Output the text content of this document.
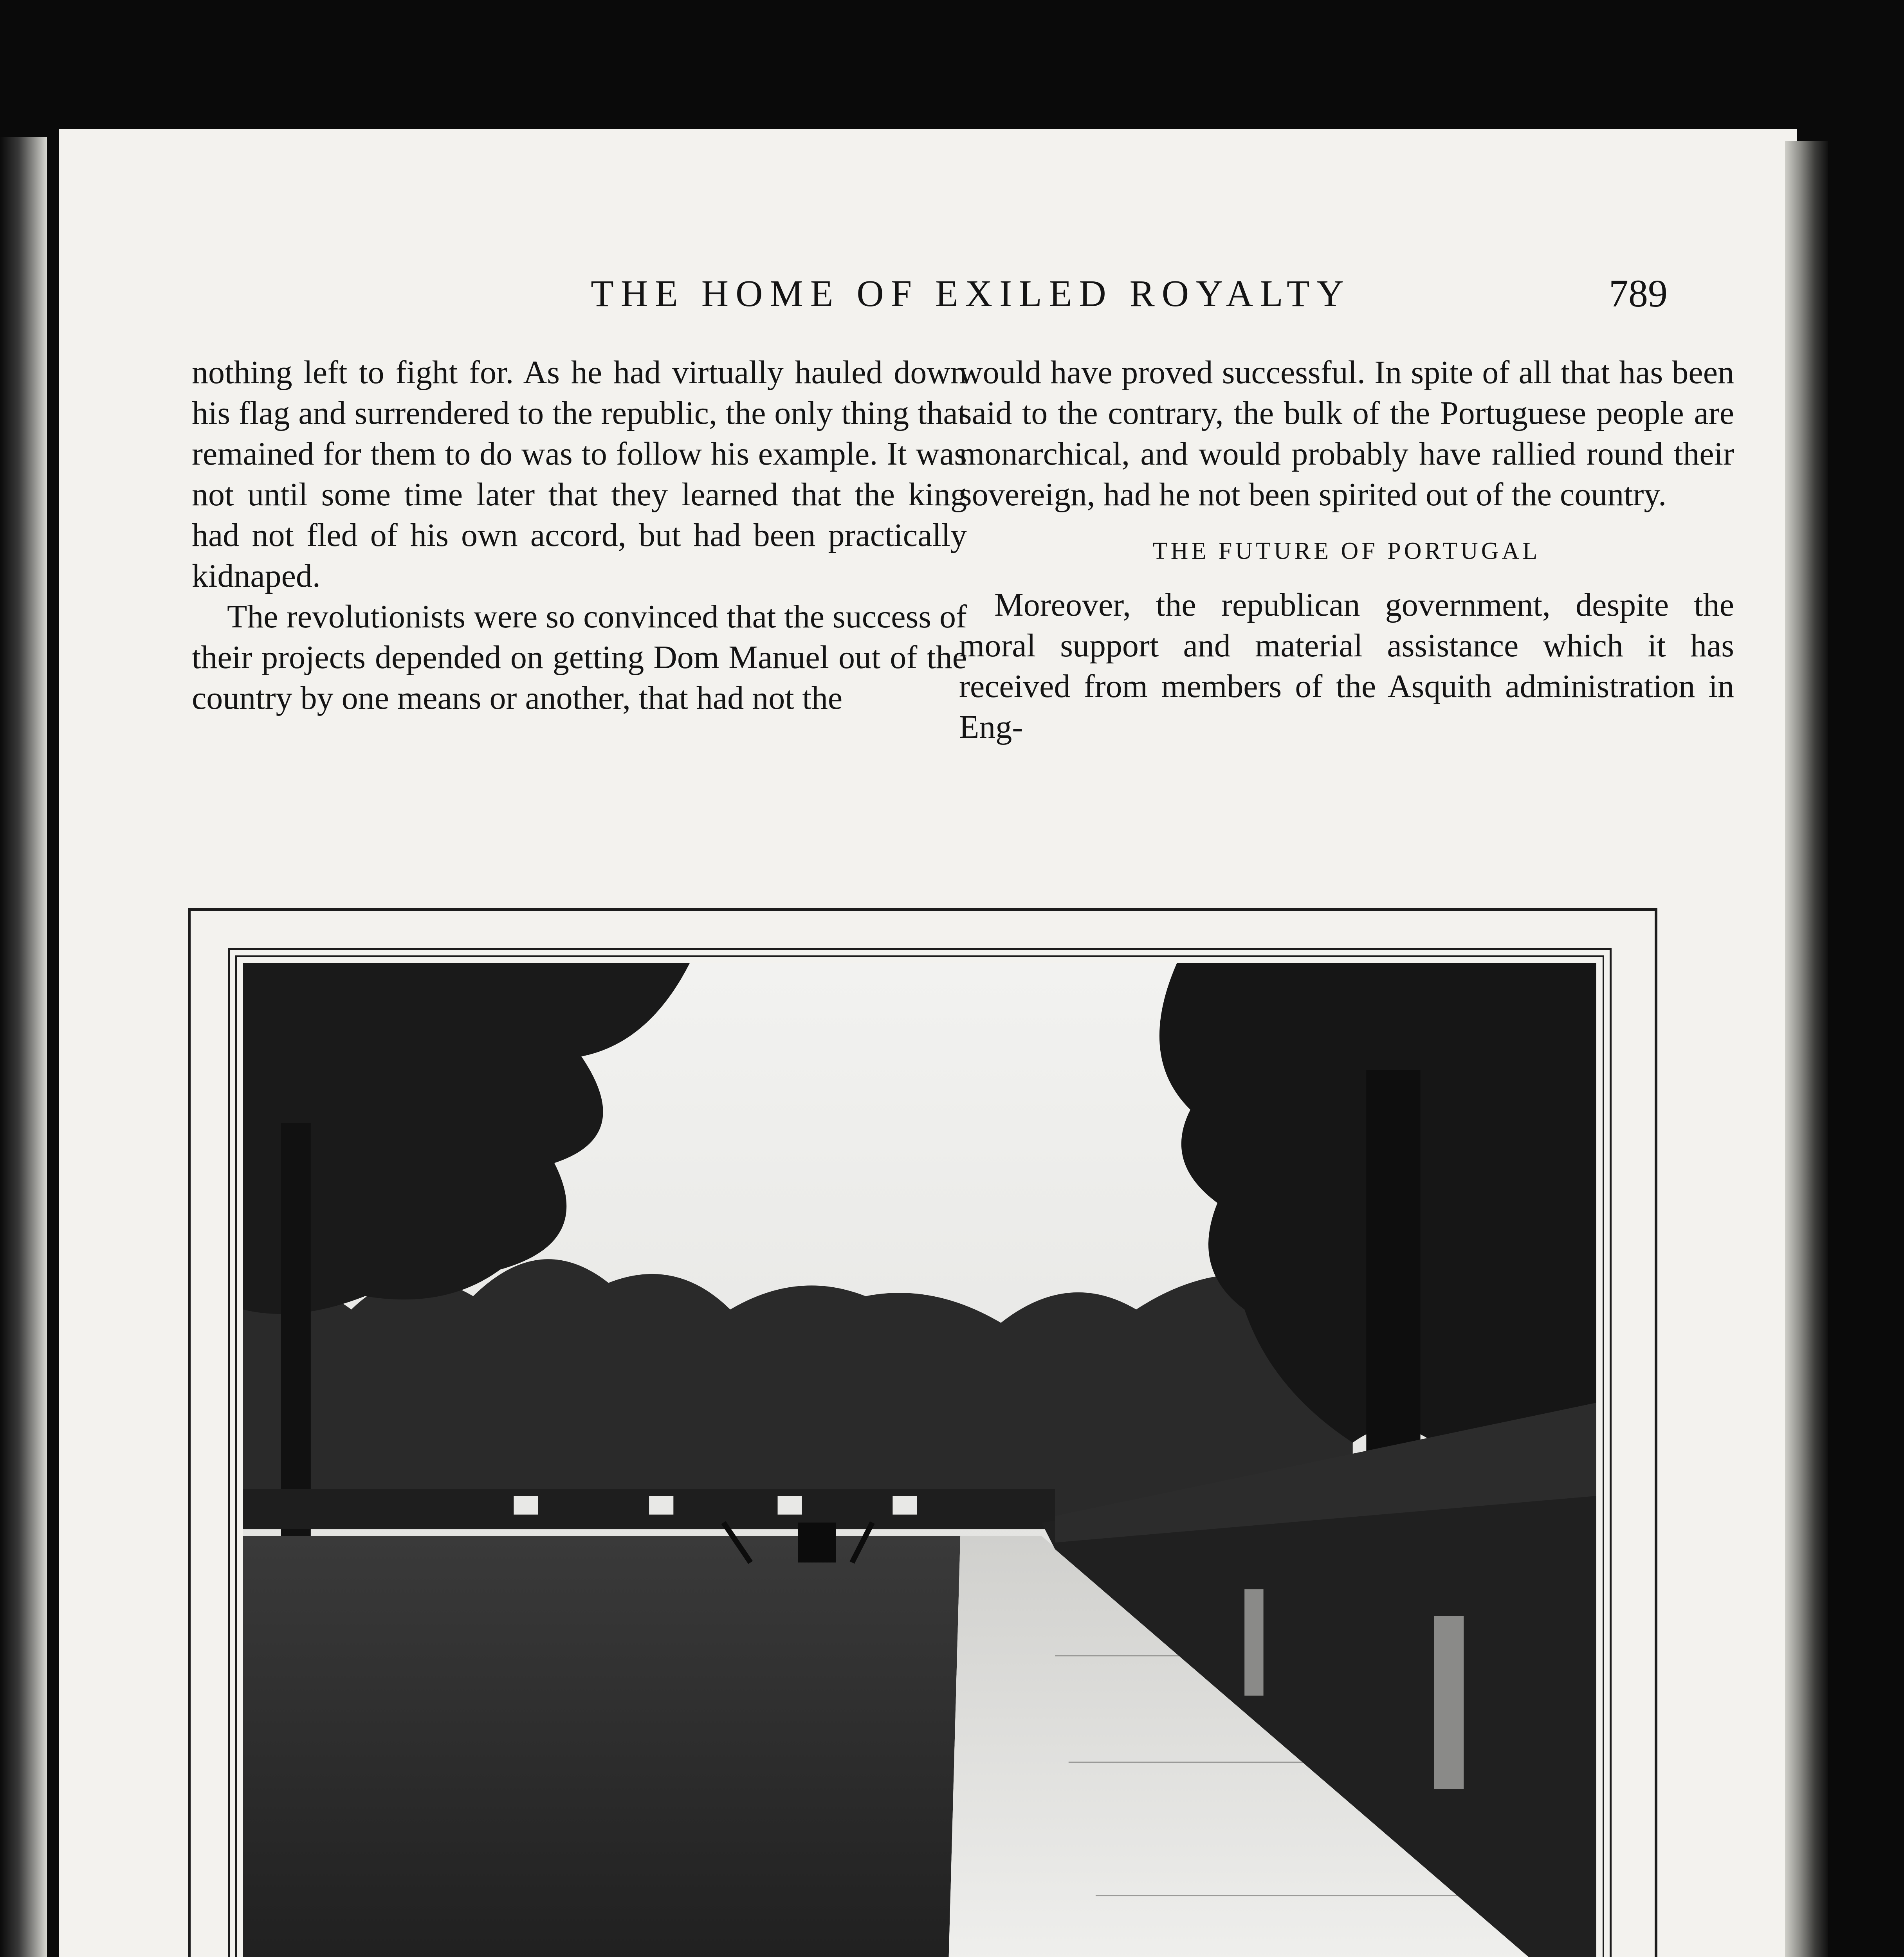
THE HOME OF EXILED ROYALTY	789

nothing left to fight for. As he had virtually hauled down his flag and surrendered to the republic, the only thing that remained for them to do was to follow his example. It was not until some time later that they learned that the king had not fled of his own accord, but had been practically kidnaped.

The revolutionists were so convinced that the success of their projects depended on getting Dom Manuel out of the country by one means or another, that had not the

would have proved successful. In spite of all that has been said to the contrary, the bulk of the Portuguese people are monarchical, and would probably have rallied round their sovereign, had he not been spirited out of the country.

THE FUTURE OF PORTUGAL

Moreover, the republican government, despite the moral support and material assistance which it has received from members of the Asquith administration in Eng-
